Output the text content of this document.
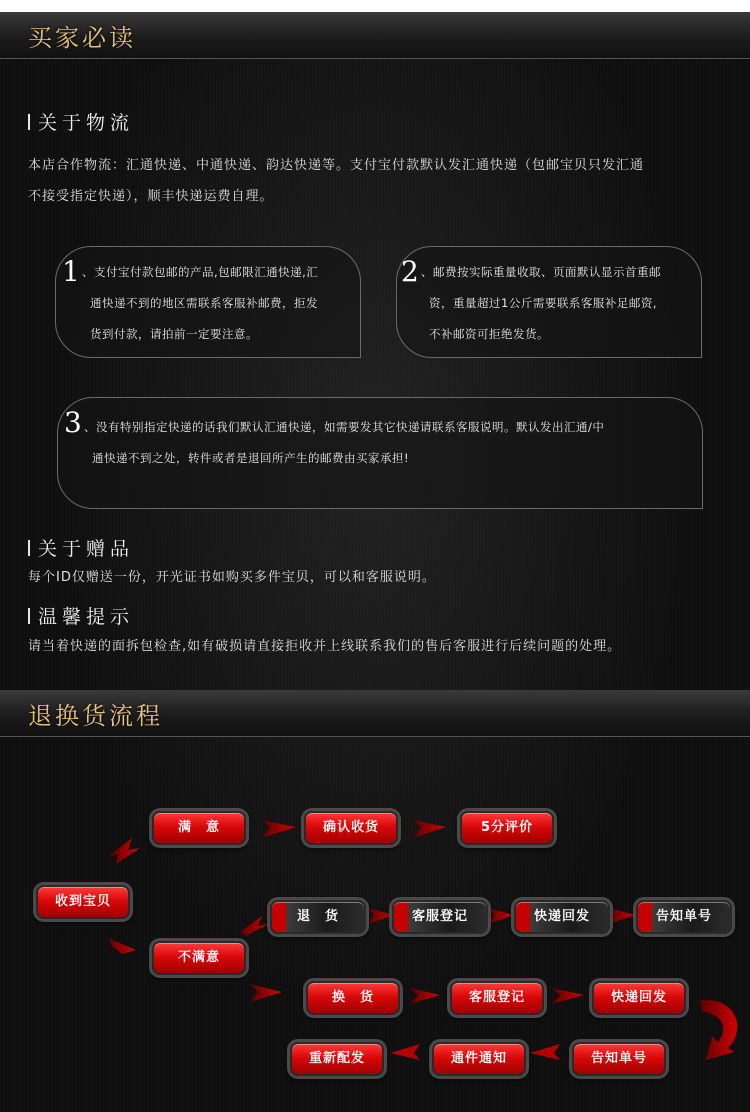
买家必读
关于物流
本店合作物流：汇通快递、中通快递、韵达快递等。支付宝付款默认发汇通快递（包邮宝贝只发汇通
不接受指定快递），顺丰快递运费自理。
1 、支付宝付款包邮的产品,包邮限汇通快递,汇
通快递不到的地区需联系客服补邮费，拒发
货到付款，请拍前一定要注意。
2 、邮费按实际重量收取、页面默认显示首重邮
资，重量超过1公斤需要联系客服补足邮资,
不补邮资可拒绝发货。
3 、没有特别指定快递的话我们默认汇通快递，如需要发其它快递请联系客服说明。默认发出汇通/中
通快递不到之处，转件或者是退回所产生的邮费由买家承担!
关于赠品
每个ID仅赠送一份，开光证书如购买多件宝贝，可以和客服说明。
温馨提示
请当着快递的面拆包检查,如有破损请直接拒收并上线联系我们的售后客服进行后续问题的处理。
退换货流程
收到宝贝
满　意	确认收货	5分评价
不满意
退　货	客服登记	快递回发	告知单号
换　货	客服登记	快递回发
告知单号
通件通知
重新配发
